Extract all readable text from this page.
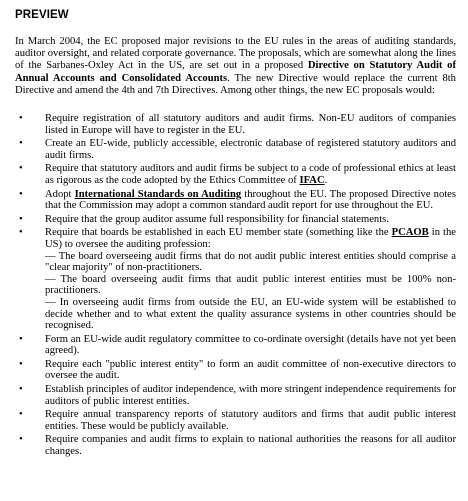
PREVIEW

In March 2004, the EC proposed major revisions to the EU rules in the areas of auditing standards, auditor oversight, and related corporate governance. The proposals, which are somewhat along the lines of the Sarbanes-Oxley Act in the US, are set out in a proposed Directive on Statutory Audit of Annual Accounts and Consolidated Accounts. The new Directive would replace the current 8th Directive and amend the 4th and 7th Directives. Among other things, the new EC proposals would:

•	Require registration of all statutory auditors and audit firms. Non-EU auditors of companies listed in Europe will have to register in the EU.
•	Create an EU-wide, publicly accessible, electronic database of registered statutory auditors and audit firms.
•	Require that statutory auditors and audit firms be subject to a code of professional ethics at least as rigorous as the code adopted by the Ethics Committee of IFAC.
•	Adopt International Standards on Auditing throughout the EU. The proposed Directive notes that the Commission may adopt a common standard audit report for use throughout the EU.
•	Require that the group auditor assume full responsibility for financial statements.
•	Require that boards be established in each EU member state (something like the PCAOB in the US) to oversee the auditing profession:
— The board overseeing audit firms that do not audit public interest entities should comprise a "clear majority" of non-practitioners.
— The board overseeing audit firms that audit public interest entities must be 100% non-practitioners.
— In overseeing audit firms from outside the EU, an EU-wide system will be established to decide whether and to what extent the quality assurance systems in other countries should be recognised.
•	Form an EU-wide audit regulatory committee to co-ordinate oversight (details have not yet been agreed).
•	Require each "public interest entity" to form an audit committee of non-executive directors to oversee the audit.
•	Establish principles of auditor independence, with more stringent independence requirements for auditors of public interest entities.
•	Require annual transparency reports of statutory auditors and firms that audit public interest entities. These would be publicly available.
•	Require companies and audit firms to explain to national authorities the reasons for all auditor changes.
